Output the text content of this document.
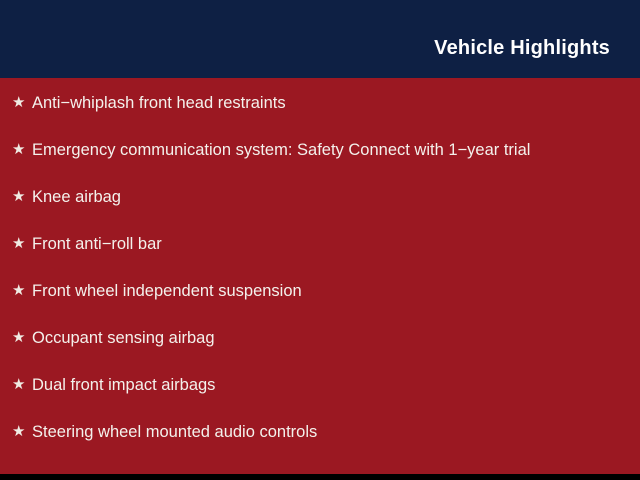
Vehicle Highlights
★ Anti−whiplash front head restraints
★ Emergency communication system: Safety Connect with 1−year trial
★ Knee airbag
★ Front anti−roll bar
★ Front wheel independent suspension
★ Occupant sensing airbag
★ Dual front impact airbags
★ Steering wheel mounted audio controls
